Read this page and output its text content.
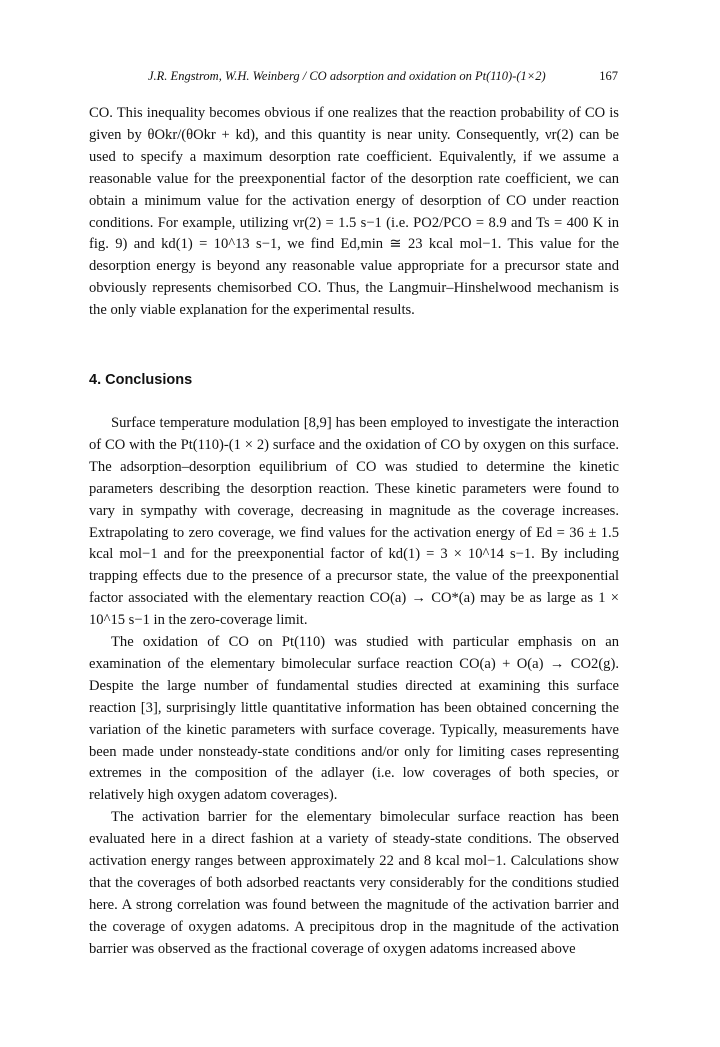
J.R. Engstrom, W.H. Weinberg / CO adsorption and oxidation on Pt(110)-(1×2)	167

CO. This inequality becomes obvious if one realizes that the reaction probability of CO is given by θOkr/(θOkr + kd), and this quantity is near unity. Consequently, νr(2) can be used to specify a maximum desorption rate coefficient. Equivalently, if we assume a reasonable value for the preexponential factor of the desorption rate coefficient, we can obtain a minimum value for the activation energy of desorption of CO under reaction conditions. For example, utilizing νr(2) = 1.5 s−1 (i.e. PO2/PCO = 8.9 and Ts = 400 K in fig. 9) and kd(1) = 10^13 s−1, we find Ed,min ≅ 23 kcal mol−1. This value for the desorption energy is beyond any reasonable value appropriate for a precursor state and obviously represents chemisorbed CO. Thus, the Langmuir–Hinshelwood mechanism is the only viable explanation for the experimental results.

4. Conclusions

Surface temperature modulation [8,9] has been employed to investigate the interaction of CO with the Pt(110)-(1 × 2) surface and the oxidation of CO by oxygen on this surface. The adsorption–desorption equilibrium of CO was studied to determine the kinetic parameters describing the desorption reaction. These kinetic parameters were found to vary in sympathy with coverage, decreasing in magnitude as the coverage increases. Extrapolating to zero coverage, we find values for the activation energy of Ed = 36 ± 1.5 kcal mol−1 and for the preexponential factor of kd(1) = 3 × 10^14 s−1. By including trapping effects due to the presence of a precursor state, the value of the preexponential factor associated with the elementary reaction CO(a) → CO*(a) may be as large as 1 × 10^15 s−1 in the zero-coverage limit.

The oxidation of CO on Pt(110) was studied with particular emphasis on an examination of the elementary bimolecular surface reaction CO(a) + O(a) → CO2(g). Despite the large number of fundamental studies directed at examining this surface reaction [3], surprisingly little quantitative information has been obtained concerning the variation of the kinetic parameters with surface coverage. Typically, measurements have been made under nonsteady-state conditions and/or only for limiting cases representing extremes in the composition of the adlayer (i.e. low coverages of both species, or relatively high oxygen adatom coverages).

The activation barrier for the elementary bimolecular surface reaction has been evaluated here in a direct fashion at a variety of steady-state conditions. The observed activation energy ranges between approximately 22 and 8 kcal mol−1. Calculations show that the coverages of both adsorbed reactants very considerably for the conditions studied here. A strong correlation was found between the magnitude of the activation barrier and the coverage of oxygen adatoms. A precipitous drop in the magnitude of the activation barrier was observed as the fractional coverage of oxygen adatoms increased above
